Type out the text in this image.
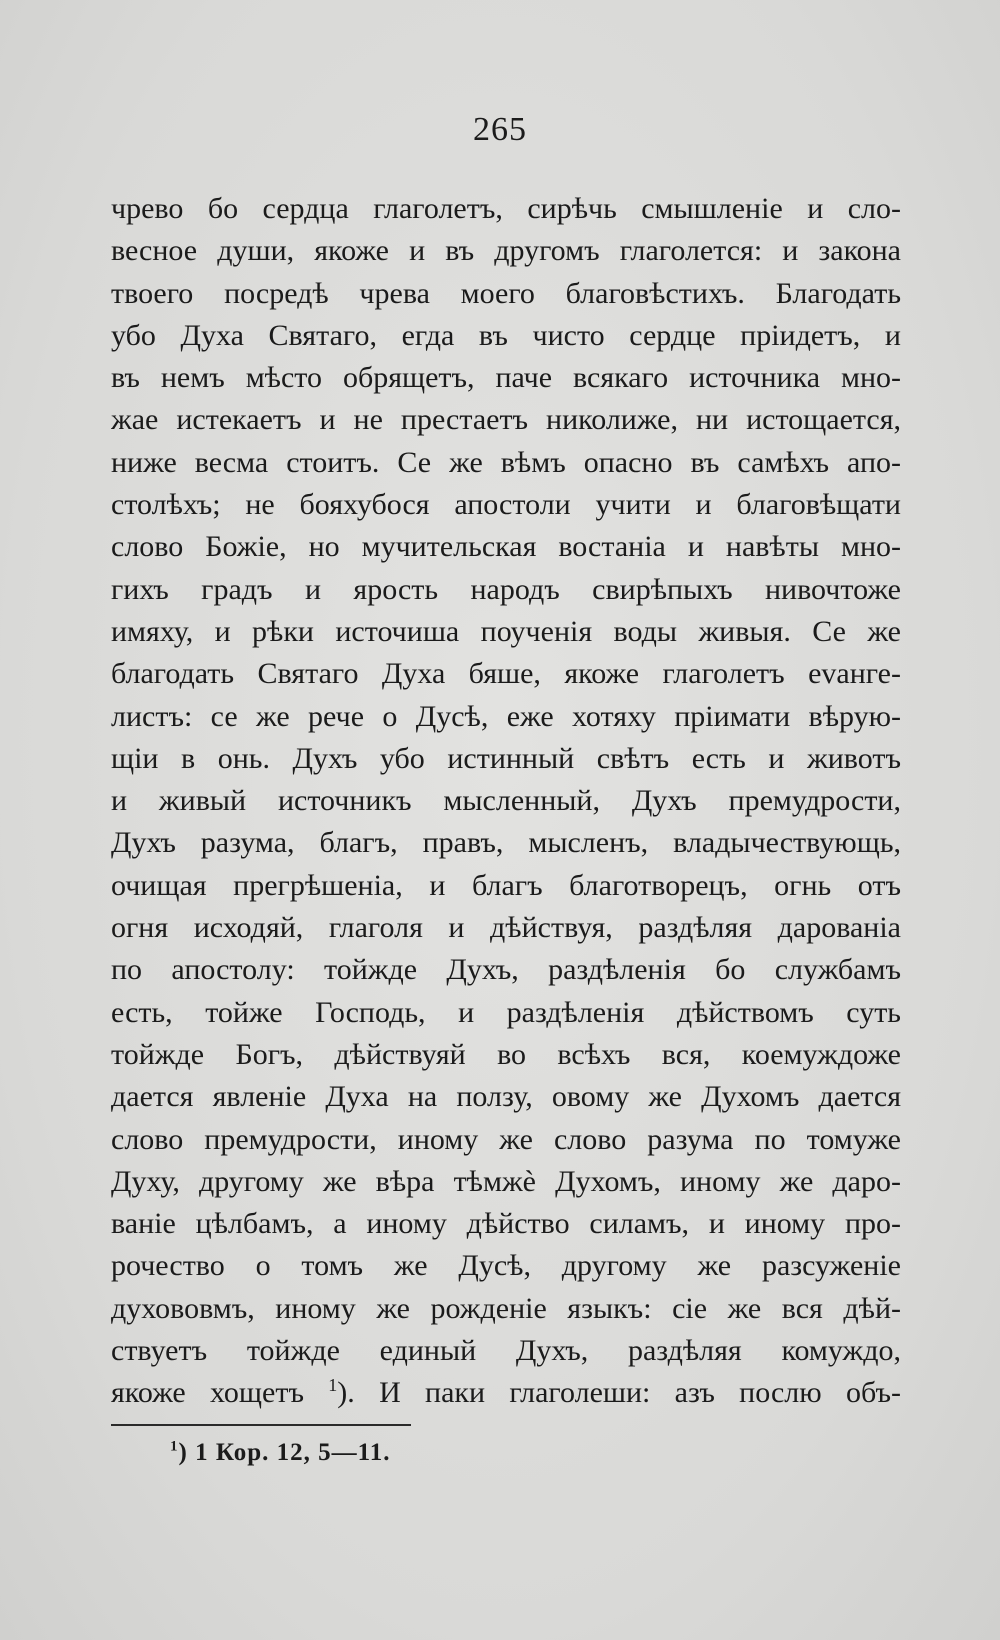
265
чрево бо сердца глаголетъ, сирѣчь смышленіе и сло-
весное души, якоже и въ другомъ глаголется: и закона
твоего посредѣ чрева моего благовѣстихъ. Благодать
убо Духа Святаго, егда въ чисто сердце пріидетъ, и
въ немъ мѣсто обрящетъ, паче всякаго источника мно-
жае истекаетъ и не престаетъ николиже, ни истощается,
ниже весма стоитъ. Се же вѣмъ опасно въ самѣхъ апо-
столѣхъ; не бояхубося апостоли учити и благовѣщати
слово Божіе, но мучительская востаніа и навѣты мно-
гихъ градъ и ярость народъ свирѣпыхъ нивочтоже
имяху, и рѣки источиша поученія воды живыя. Се же
благодать Святаго Духа бяше, якоже глаголетъ еvанге-
листъ: се же рече о Дусѣ, еже хотяху пріимати вѣрую-
щіи в онь. Духъ убо истинный свѣтъ есть и животъ
и живый источникъ мысленный, Духъ премудрости,
Духъ разума, благъ, правъ, мысленъ, владычествующь,
очищая прегрѣшеніа, и благъ благотворецъ, огнь отъ
огня исходяй, глаголя и дѣйствуя, раздѣляя дарованіа
по апостолу: тойжде Духъ, раздѣленія бо службамъ
есть, тойже Господь, и раздѣленія дѣйствомъ суть
тойжде Богъ, дѣйствуяй во всѣхъ вся, коемуждоже
дается явленіе Духа на ползу, овому же Духомъ дается
слово премудрости, иному же слово разума по томуже
Духу, другому же вѣра тѣмжѐ Духомъ, иному же даро-
ваніе цѣлбамъ, а иному дѣйство силамъ, и иному про-
рочество о томъ же Дусѣ, другому же разсуженіе
духововмъ, иному же рожденіе языкъ: сіе же вся дѣй-
ствуетъ тойжде единый Духъ, раздѣляя комуждо,
якоже хощетъ $^1$). И паки глаголеши: азъ послю объ-
$^1$) 1 Кор. 12, 5—11.
